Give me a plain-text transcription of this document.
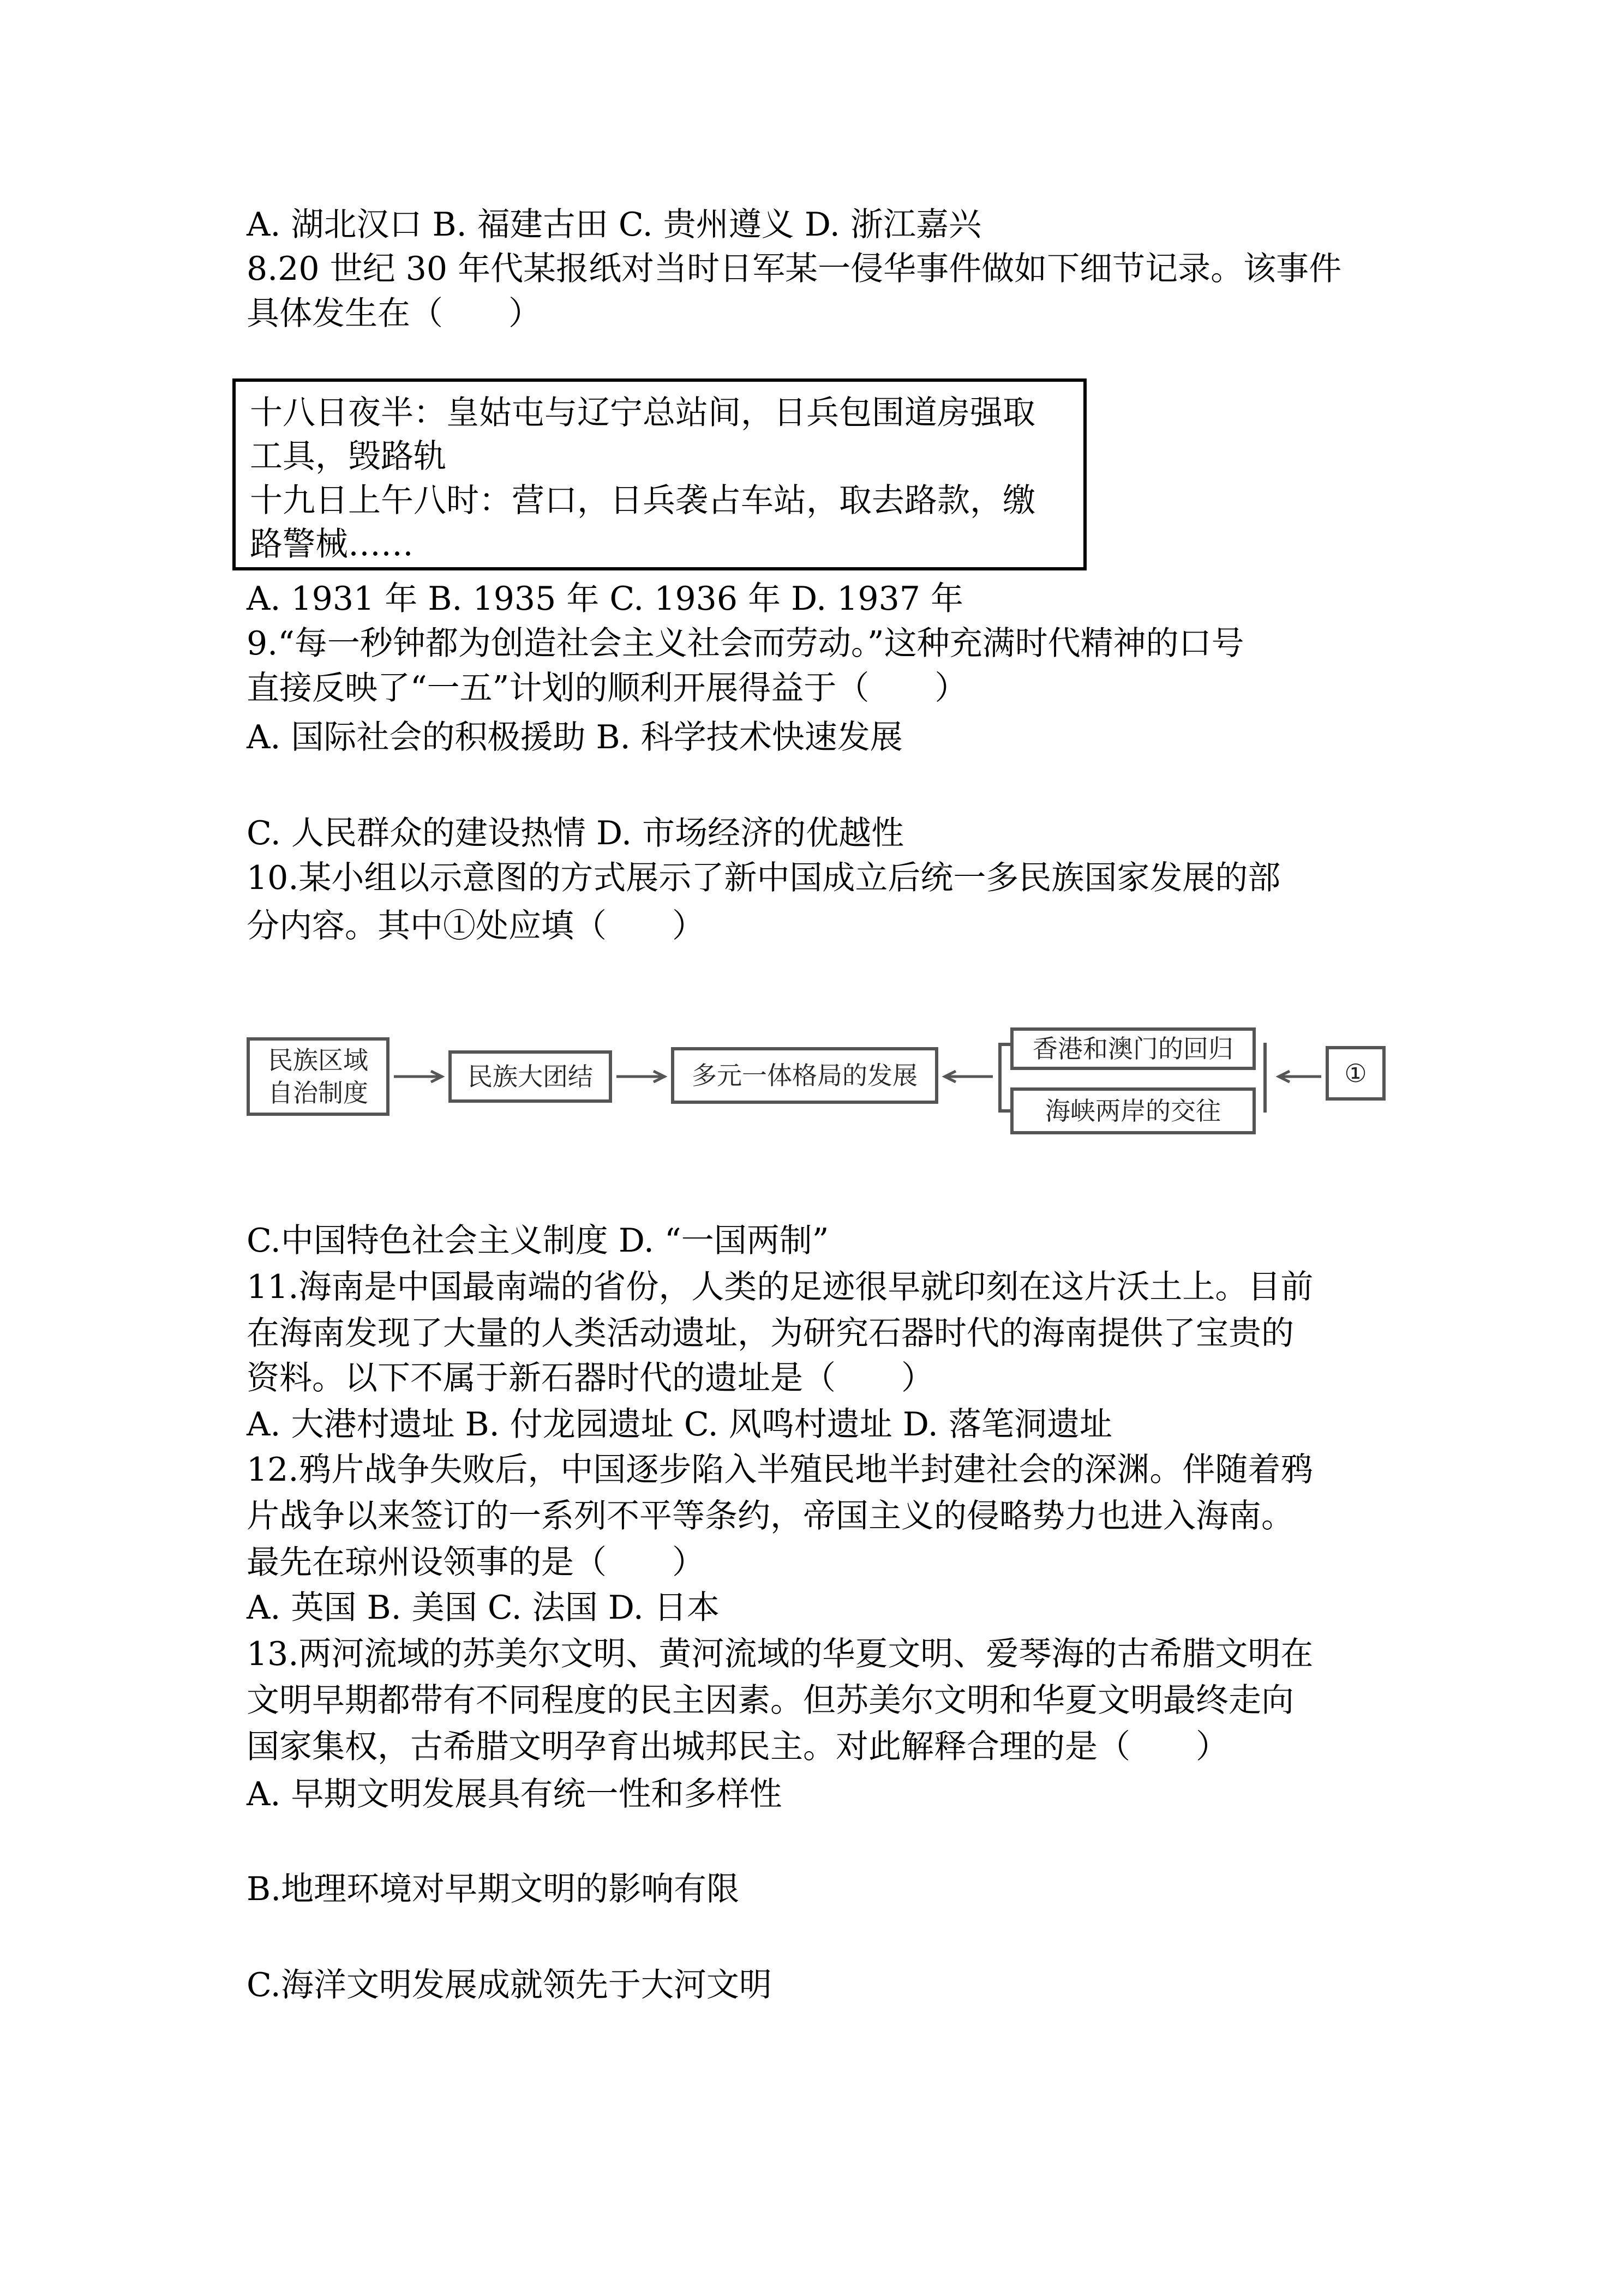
A. 湖北汉口 B. 福建古田 C. 贵州遵义 D. 浙江嘉兴

8.20 世纪 30 年代某报纸对当时日军某一侵华事件做如下细节记录。该事件

具体发生在（　　）

十八日夜半：皇姑屯与辽宁总站间，日兵包围道房强取

工具，毁路轨

十九日上午八时：营口，日兵袭占车站，取去路款，缴

路警械……

A. 1931 年 B. 1935 年 C. 1936 年 D. 1937 年

9.“每一秒钟都为创造社会主义社会而劳动。”这种充满时代精神的口号

直接反映了“一五”计划的顺利开展得益于（　　）

A. 国际社会的积极援助 B. 科学技术快速发展

C. 人民群众的建设热情 D. 市场经济的优越性

10.某小组以示意图的方式展示了新中国成立后统一多民族国家发展的部

分内容。其中①处应填（　　）

民族区域
自治制度
民族大团结	多元一体格局的发展
香港和澳门的回归
海峡两岸的交往
①

C.中国特色社会主义制度 D. “一国两制”

11.海南是中国最南端的省份，人类的足迹很早就印刻在这片沃土上。目前

在海南发现了大量的人类活动遗址，为研究石器时代的海南提供了宝贵的

资料。以下不属于新石器时代的遗址是（　　）

A. 大港村遗址 B. 付龙园遗址 C. 风鸣村遗址 D. 落笔洞遗址

12.鸦片战争失败后，中国逐步陷入半殖民地半封建社会的深渊。伴随着鸦

片战争以来签订的一系列不平等条约，帝国主义的侵略势力也进入海南。

最先在琼州设领事的是（　　）

A. 英国 B. 美国 C. 法国 D. 日本

13.两河流域的苏美尔文明、黄河流域的华夏文明、爱琴海的古希腊文明在

文明早期都带有不同程度的民主因素。但苏美尔文明和华夏文明最终走向

国家集权，古希腊文明孕育出城邦民主。对此解释合理的是（　　）

A. 早期文明发展具有统一性和多样性

B.地理环境对早期文明的影响有限

C.海洋文明发展成就领先于大河文明
